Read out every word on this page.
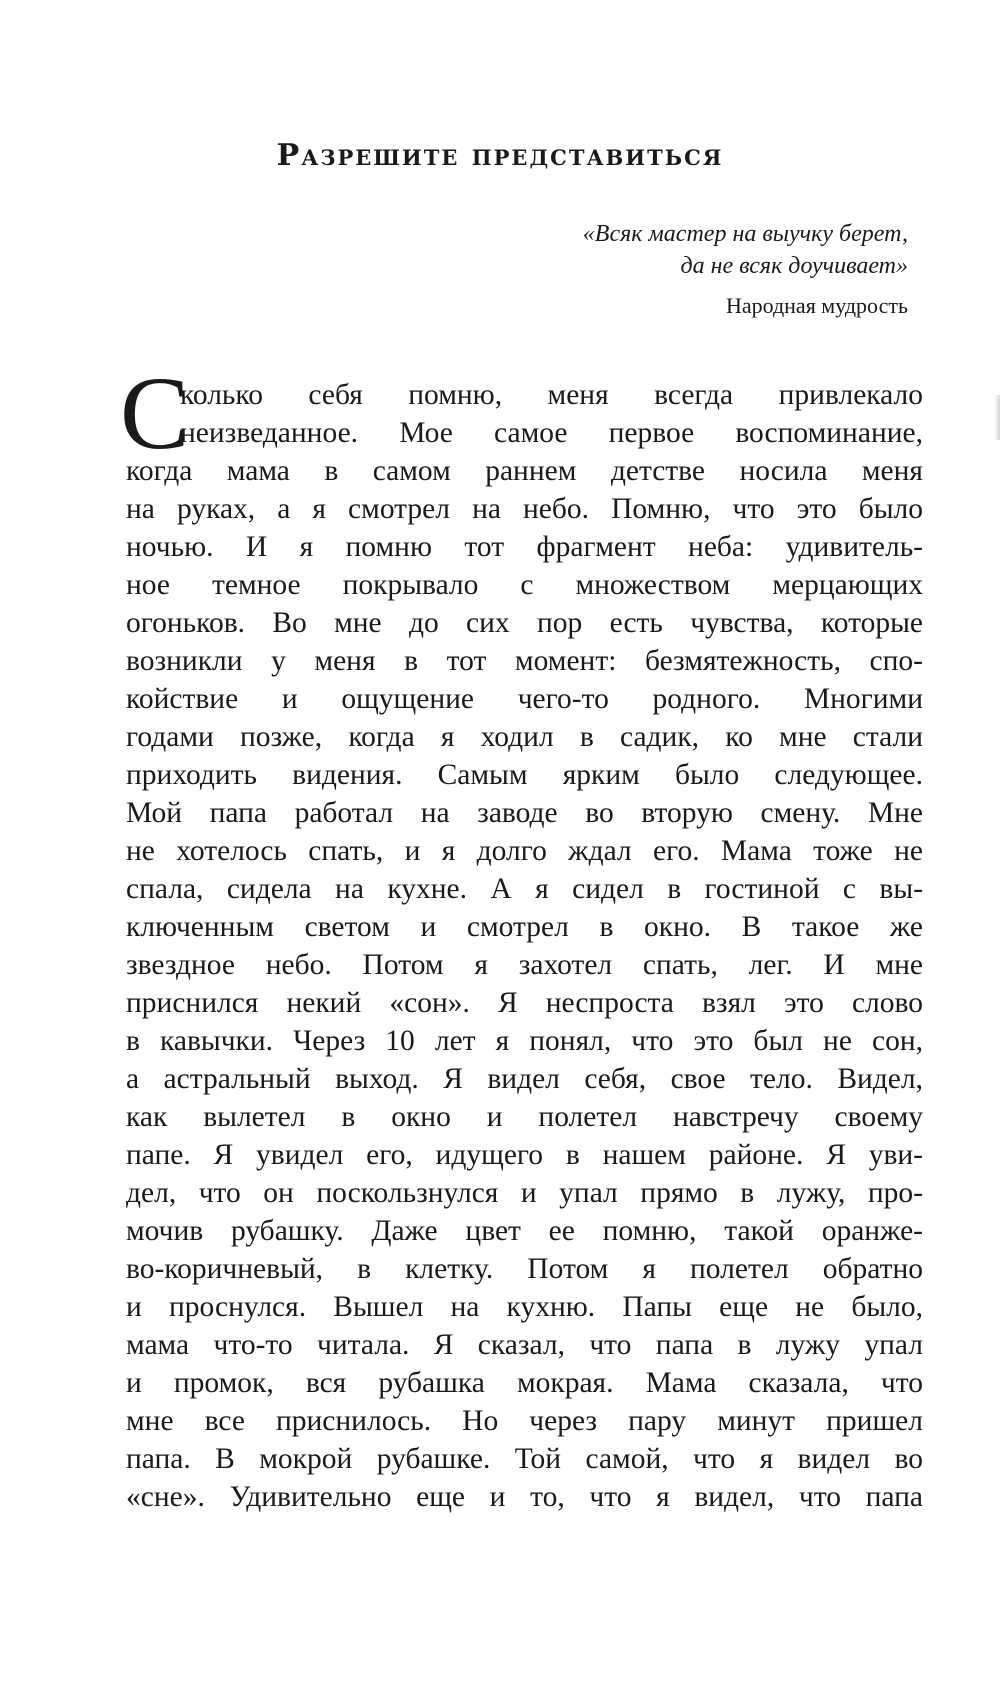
Разрешите представиться
«Всяк мастер на выучку берет,
да не всяк доучивает»
Народная мудрость
С
колько себя помню, меня всегда привлекало
неизведанное. Мое самое первое воспоминание,
когда мама в самом раннем детстве носила меня
на руках, а я смотрел на небо. Помню, что это было
ночью. И я помню тот фрагмент неба: удивитель-
ное темное покрывало с множеством мерцающих
огоньков. Во мне до сих пор есть чувства, которые
возникли у меня в тот момент: безмятежность, спо-
койствие и ощущение чего-то родного. Многими
годами позже, когда я ходил в садик, ко мне стали
приходить видения. Самым ярким было следующее.
Мой папа работал на заводе во вторую смену. Мне
не хотелось спать, и я долго ждал его. Мама тоже не
спала, сидела на кухне. А я сидел в гостиной с вы-
ключенным светом и смотрел в окно. В такое же
звездное небо. Потом я захотел спать, лег. И мне
приснился некий «сон». Я неспроста взял это слово
в кавычки. Через 10 лет я понял, что это был не сон,
а астральный выход. Я видел себя, свое тело. Видел,
как вылетел в окно и полетел навстречу своему
папе. Я увидел его, идущего в нашем районе. Я уви-
дел, что он поскользнулся и упал прямо в лужу, про-
мочив рубашку. Даже цвет ее помню, такой оранже-
во-коричневый, в клетку. Потом я полетел обратно
и проснулся. Вышел на кухню. Папы еще не было,
мама что-то читала. Я сказал, что папа в лужу упал
и промок, вся рубашка мокрая. Мама сказала, что
мне все приснилось. Но через пару минут пришел
папа. В мокрой рубашке. Той самой, что я видел во
«сне». Удивительно еще и то, что я видел, что папа
